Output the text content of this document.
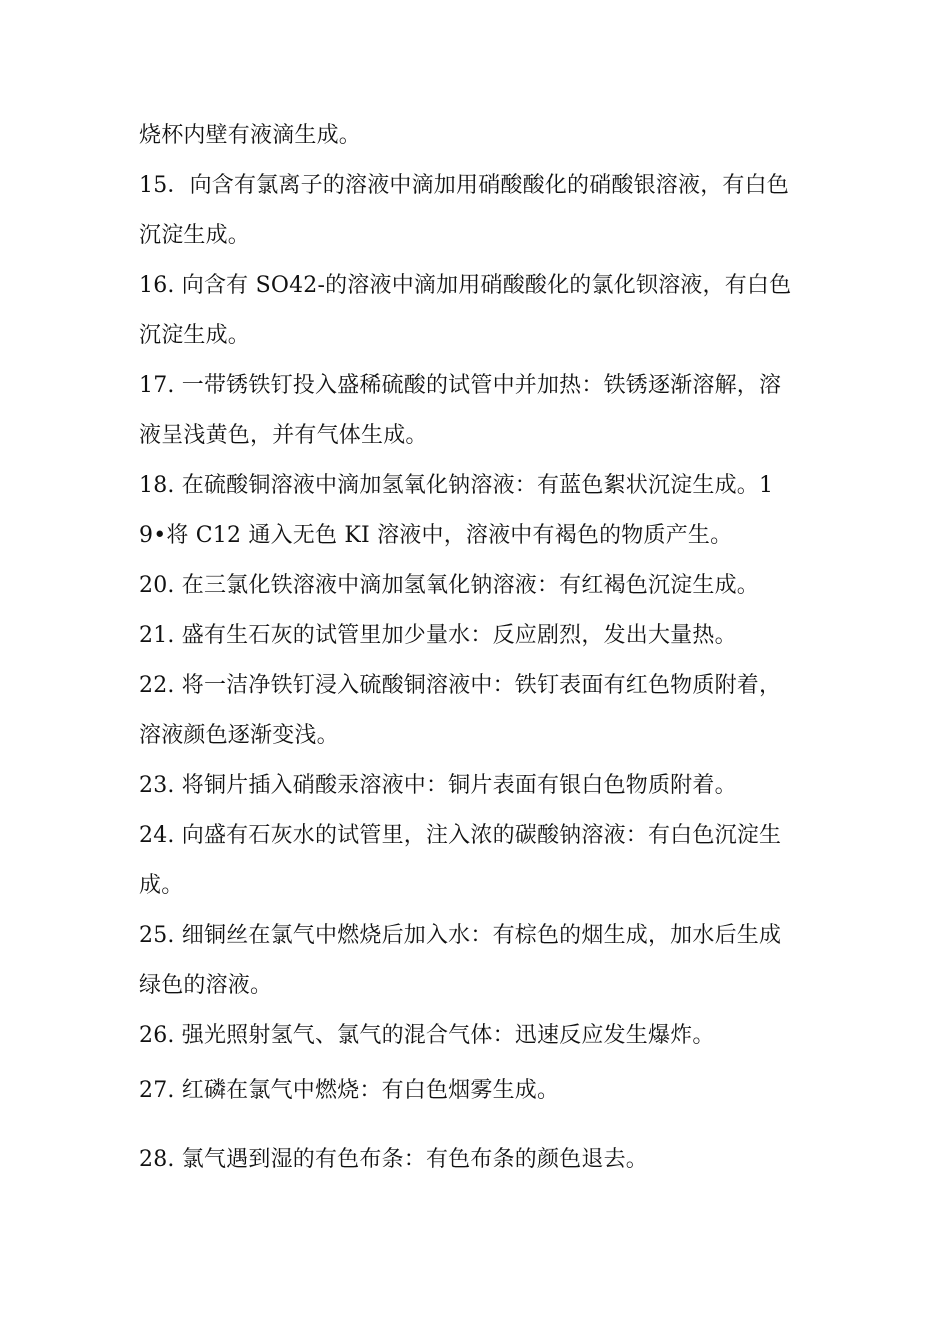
烧杯内壁有液滴生成。
15．向含有氯离子的溶液中滴加用硝酸酸化的硝酸银溶液，有白色
沉淀生成。
16. 向含有 SO42-的溶液中滴加用硝酸酸化的氯化钡溶液，有白色
沉淀生成。
17. 一带锈铁钉投入盛稀硫酸的试管中并加热：铁锈逐渐溶解，溶
液呈浅黄色，并有气体生成。
18. 在硫酸铜溶液中滴加氢氧化钠溶液：有蓝色絮状沉淀生成。1
9•将 C12 通入无色 KI 溶液中，溶液中有褐色的物质产生。
20. 在三氯化铁溶液中滴加氢氧化钠溶液：有红褐色沉淀生成。
21. 盛有生石灰的试管里加少量水：反应剧烈，发出大量热。
22. 将一洁净铁钉浸入硫酸铜溶液中：铁钉表面有红色物质附着，
溶液颜色逐渐变浅。
23. 将铜片插入硝酸汞溶液中：铜片表面有银白色物质附着。
24. 向盛有石灰水的试管里，注入浓的碳酸钠溶液：有白色沉淀生
成。
25. 细铜丝在氯气中燃烧后加入水：有棕色的烟生成，加水后生成
绿色的溶液。
26. 强光照射氢气、氯气的混合气体：迅速反应发生爆炸。
27. 红磷在氯气中燃烧：有白色烟雾生成。
28. 氯气遇到湿的有色布条：有色布条的颜色退去。
